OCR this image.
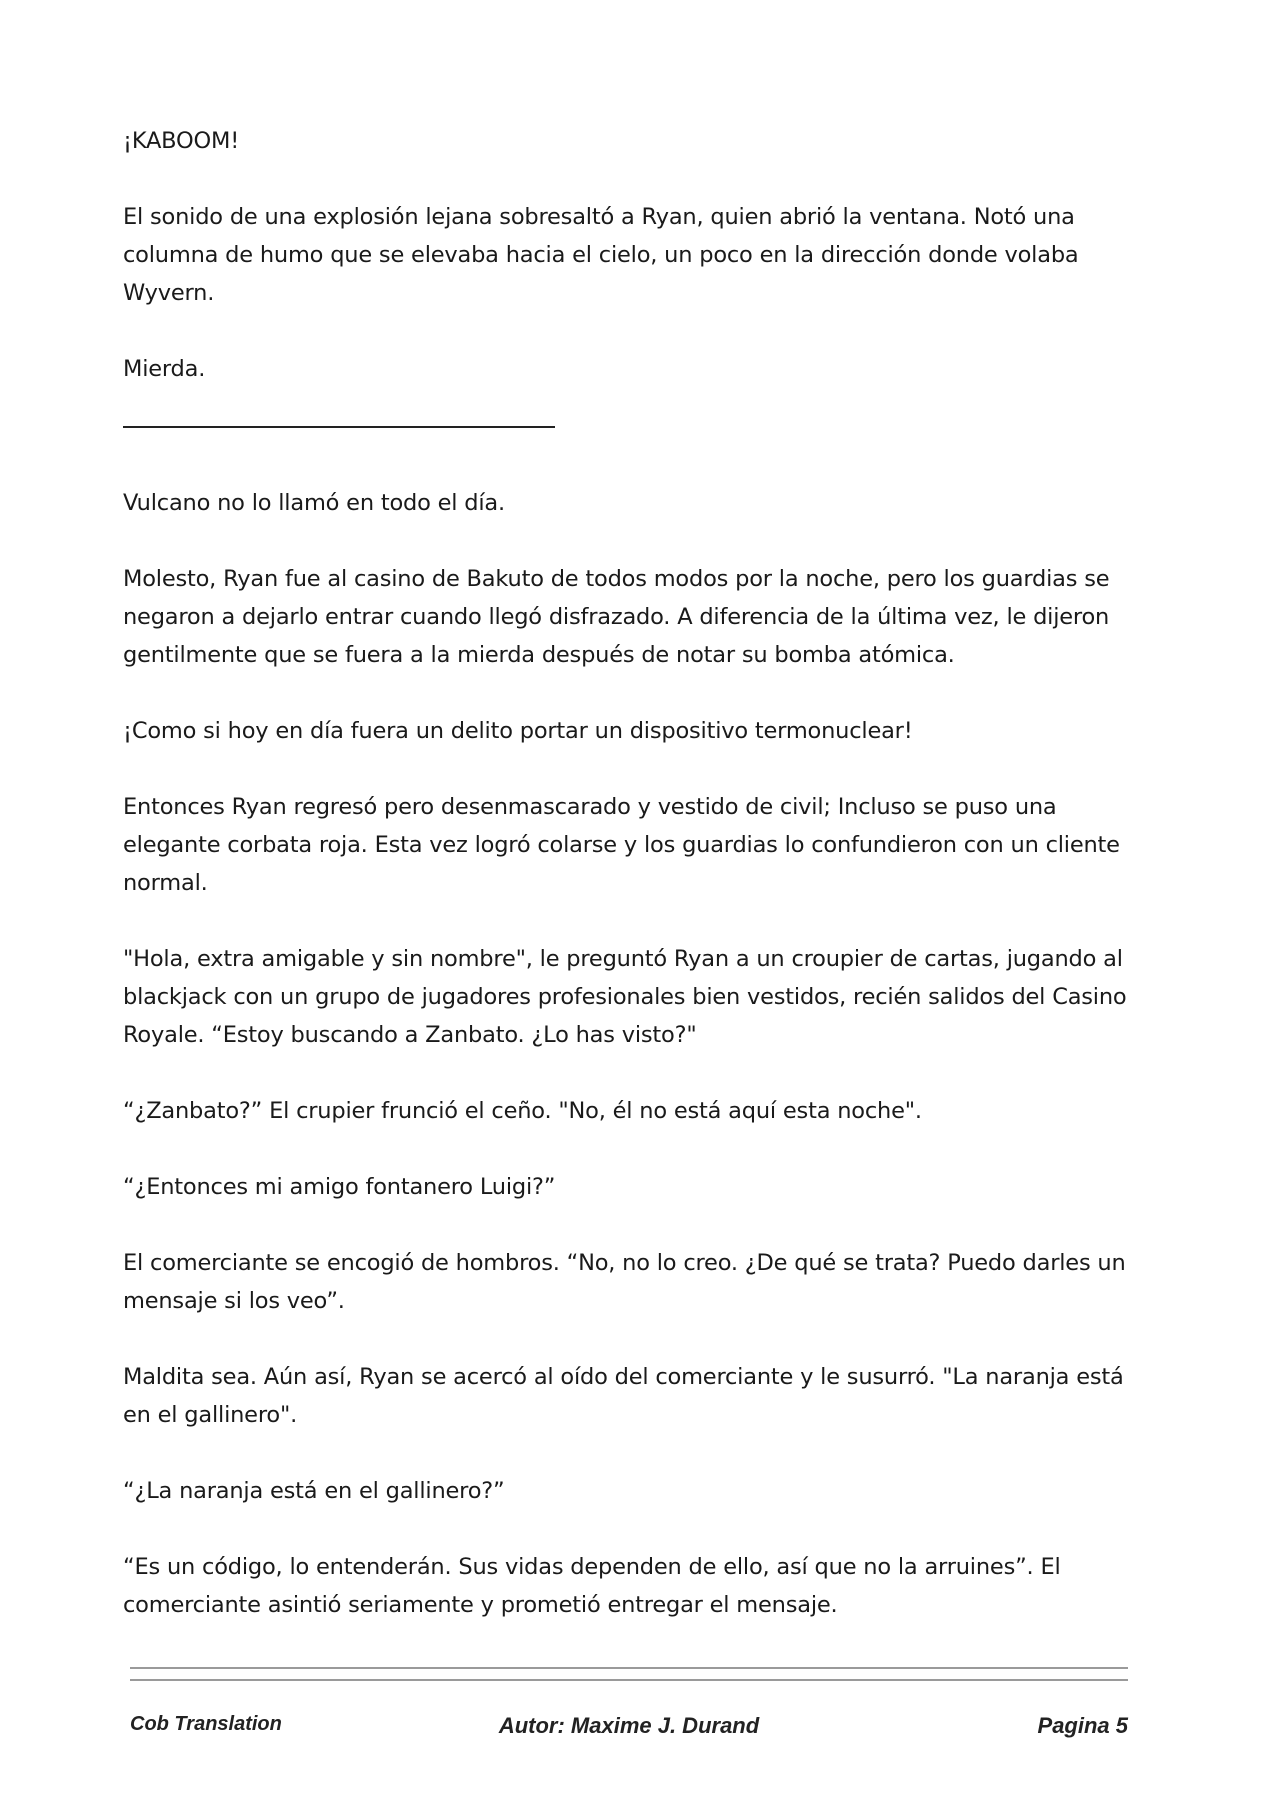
¡KABOOM!

El sonido de una explosión lejana sobresaltó a Ryan, quien abrió la ventana. Notó una columna de humo que se elevaba hacia el cielo, un poco en la dirección donde volaba Wyvern.

Mierda.

Vulcano no lo llamó en todo el día.

Molesto, Ryan fue al casino de Bakuto de todos modos por la noche, pero los guardias se negaron a dejarlo entrar cuando llegó disfrazado. A diferencia de la última vez, le dijeron gentilmente que se fuera a la mierda después de notar su bomba atómica.

¡Como si hoy en día fuera un delito portar un dispositivo termonuclear!

Entonces Ryan regresó pero desenmascarado y vestido de civil; Incluso se puso una elegante corbata roja. Esta vez logró colarse y los guardias lo confundieron con un cliente normal.

"Hola, extra amigable y sin nombre", le preguntó Ryan a un croupier de cartas, jugando al blackjack con un grupo de jugadores profesionales bien vestidos, recién salidos del Casino Royale. “Estoy buscando a Zanbato. ¿Lo has visto?"

“¿Zanbato?” El crupier frunció el ceño. "No, él no está aquí esta noche".

“¿Entonces mi amigo fontanero Luigi?”

El comerciante se encogió de hombros. “No, no lo creo. ¿De qué se trata? Puedo darles un mensaje si los veo”.

Maldita sea. Aún así, Ryan se acercó al oído del comerciante y le susurró. "La naranja está en el gallinero".

“¿La naranja está en el gallinero?”

“Es un código, lo entenderán. Sus vidas dependen de ello, así que no la arruines”. El comerciante asintió seriamente y prometió entregar el mensaje.

Cob Translation	Autor: Maxime J. Durand	Pagina 5
